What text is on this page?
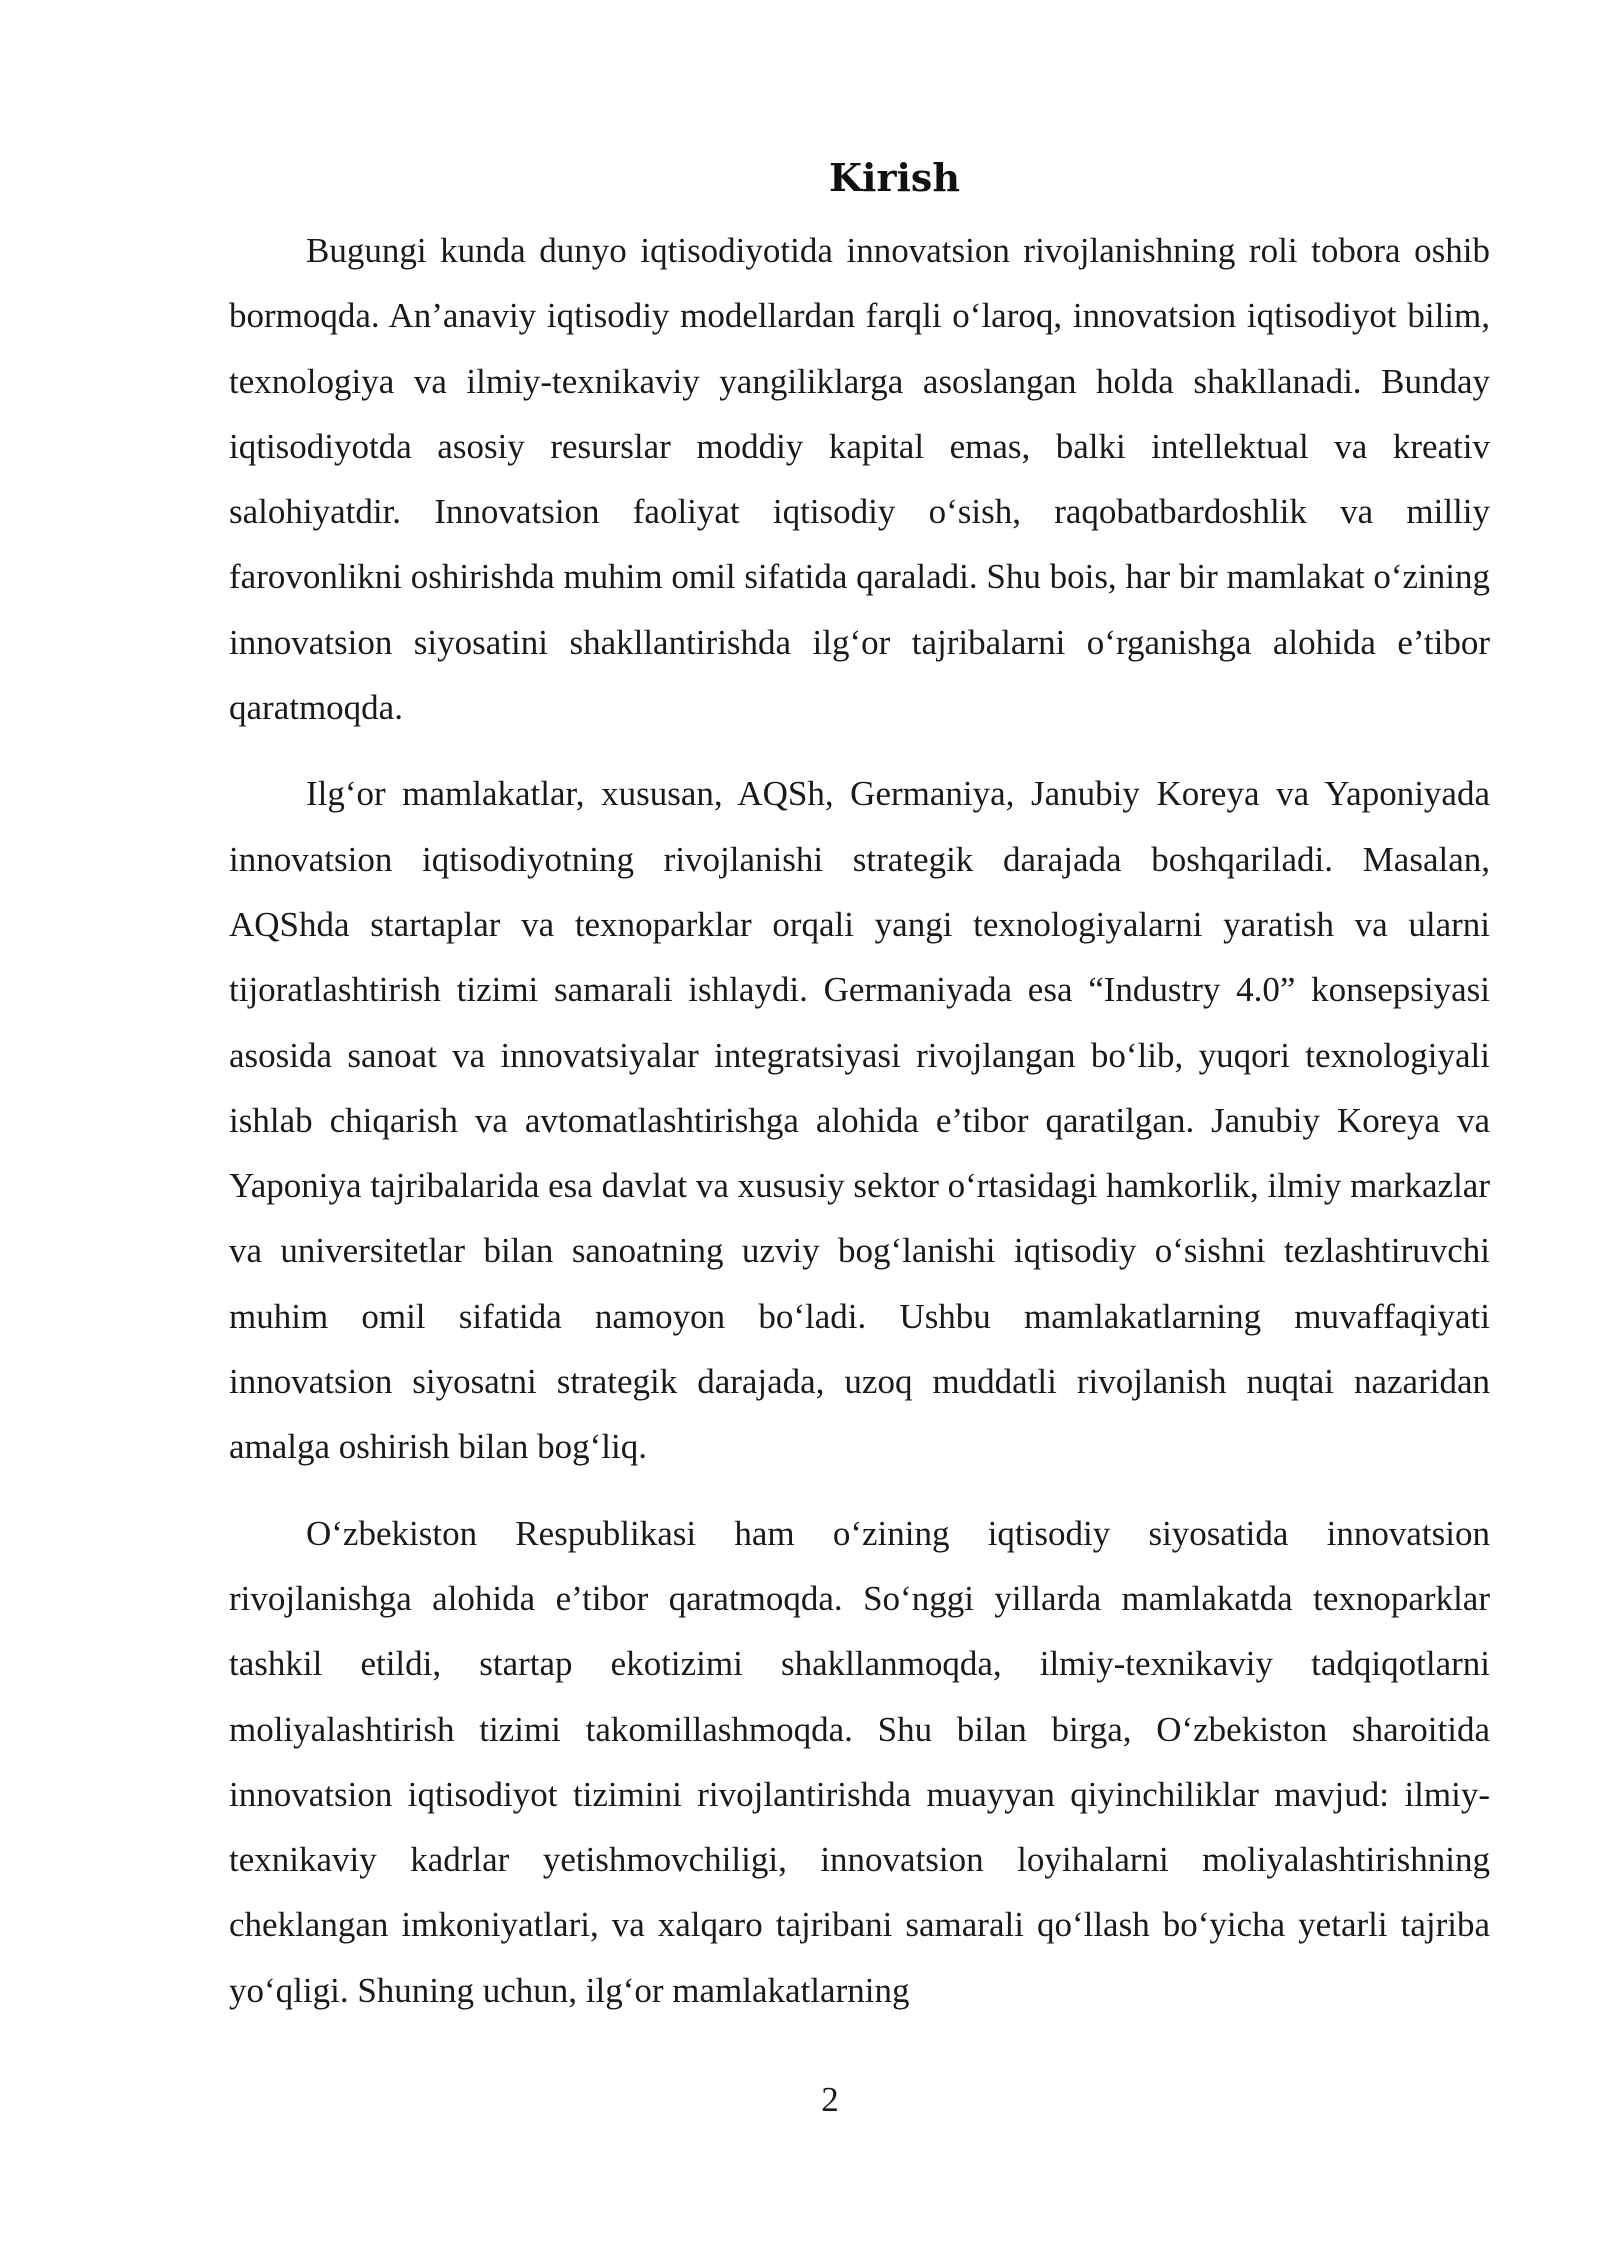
Kirish

Bugungi kunda dunyo iqtisodiyotida innovatsion rivojlanishning roli tobora oshib bormoqda. An’anaviy iqtisodiy modellardan farqli o‘laroq, innovatsion iqtisodiyot bilim, texnologiya va ilmiy-texnikaviy yangiliklarga asoslangan holda shakllanadi. Bunday iqtisodiyotda asosiy resurslar moddiy kapital emas, balki intellektual va kreativ salohiyatdir. Innovatsion faoliyat iqtisodiy o‘sish, raqobatbardoshlik va milliy farovonlikni oshirishda muhim omil sifatida qaraladi. Shu bois, har bir mamlakat o‘zining innovatsion siyosatini shakllantirishda ilg‘or tajribalarni o‘rganishga alohida e’tibor qaratmoqda.

Ilg‘or mamlakatlar, xususan, AQSh, Germaniya, Janubiy Koreya va Yaponiyada innovatsion iqtisodiyotning rivojlanishi strategik darajada boshqariladi. Masalan, AQShda startaplar va texnoparklar orqali yangi texnologiyalarni yaratish va ularni tijoratlashtirish tizimi samarali ishlaydi. Germaniyada esa “Industry 4.0” konsepsiyasi asosida sanoat va innovatsiyalar integratsiyasi rivojlangan bo‘lib, yuqori texnologiyali ishlab chiqarish va avtomatlashtirishga alohida e’tibor qaratilgan. Janubiy Koreya va Yaponiya tajribalarida esa davlat va xususiy sektor o‘rtasidagi hamkorlik, ilmiy markazlar va universitetlar bilan sanoatning uzviy bog‘lanishi iqtisodiy o‘sishni tezlashtiruvchi muhim omil sifatida namoyon bo‘ladi. Ushbu mamlakatlarning muvaffaqiyati innovatsion siyosatni strategik darajada, uzoq muddatli rivojlanish nuqtai nazaridan amalga oshirish bilan bog‘liq.

O‘zbekiston Respublikasi ham o‘zining iqtisodiy siyosatida innovatsion rivojlanishga alohida e’tibor qaratmoqda. So‘nggi yillarda mamlakatda texnoparklar tashkil etildi, startap ekotizimi shakllanmoqda, ilmiy-texnikaviy tadqiqotlarni moliyalashtirish tizimi takomillashmoqda. Shu bilan birga, O‘zbekiston sharoitida innovatsion iqtisodiyot tizimini rivojlantirishda muayyan qiyinchiliklar mavjud: ilmiy-texnikaviy kadrlar yetishmovchiligi, innovatsion loyihalarni moliyalashtirishning cheklangan imkoniyatlari, va xalqaro tajribani samarali qo‘llash bo‘yicha yetarli tajriba yo‘qligi. Shuning uchun, ilg‘or mamlakatlarning

2
